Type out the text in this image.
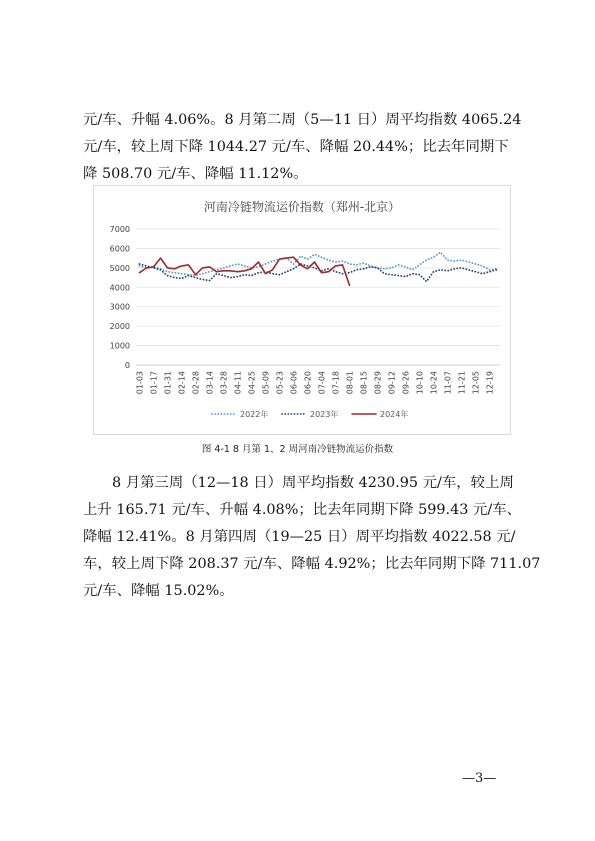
元/车、升幅 4.06%。8 月第二周（5—11 日）周平均指数 4065.24
元/车，较上周下降 1044.27 元/车、降幅 20.44%；比去年同期下
降 508.70 元/车、降幅 11.12%。

河南冷链物流运价指数（郑州-北京）
0
1000
2000
3000
4000
5000
6000
7000
01-03 01-17 01-31 02-14 02-28 03-14 03-28 04-11 04-25 05-09 05-23 06-06 06-20 07-04 07-18 08-01 08-15 08-29 09-12 09-26 10-10 10-24 11-07 11-21 12-05 12-19
2022年	2023年	2024年
图 4-1 8 月第 1、2 周河南冷链物流运价指数

8 月第三周（12—18 日）周平均指数 4230.95 元/车，较上周
上升 165.71 元/车、升幅 4.08%；比去年同期下降 599.43 元/车、
降幅 12.41%。8 月第四周（19—25 日）周平均指数 4022.58 元/
车，较上周下降 208.37 元/车、降幅 4.92%；比去年同期下降 711.07
元/车、降幅 15.02%。

—3—
